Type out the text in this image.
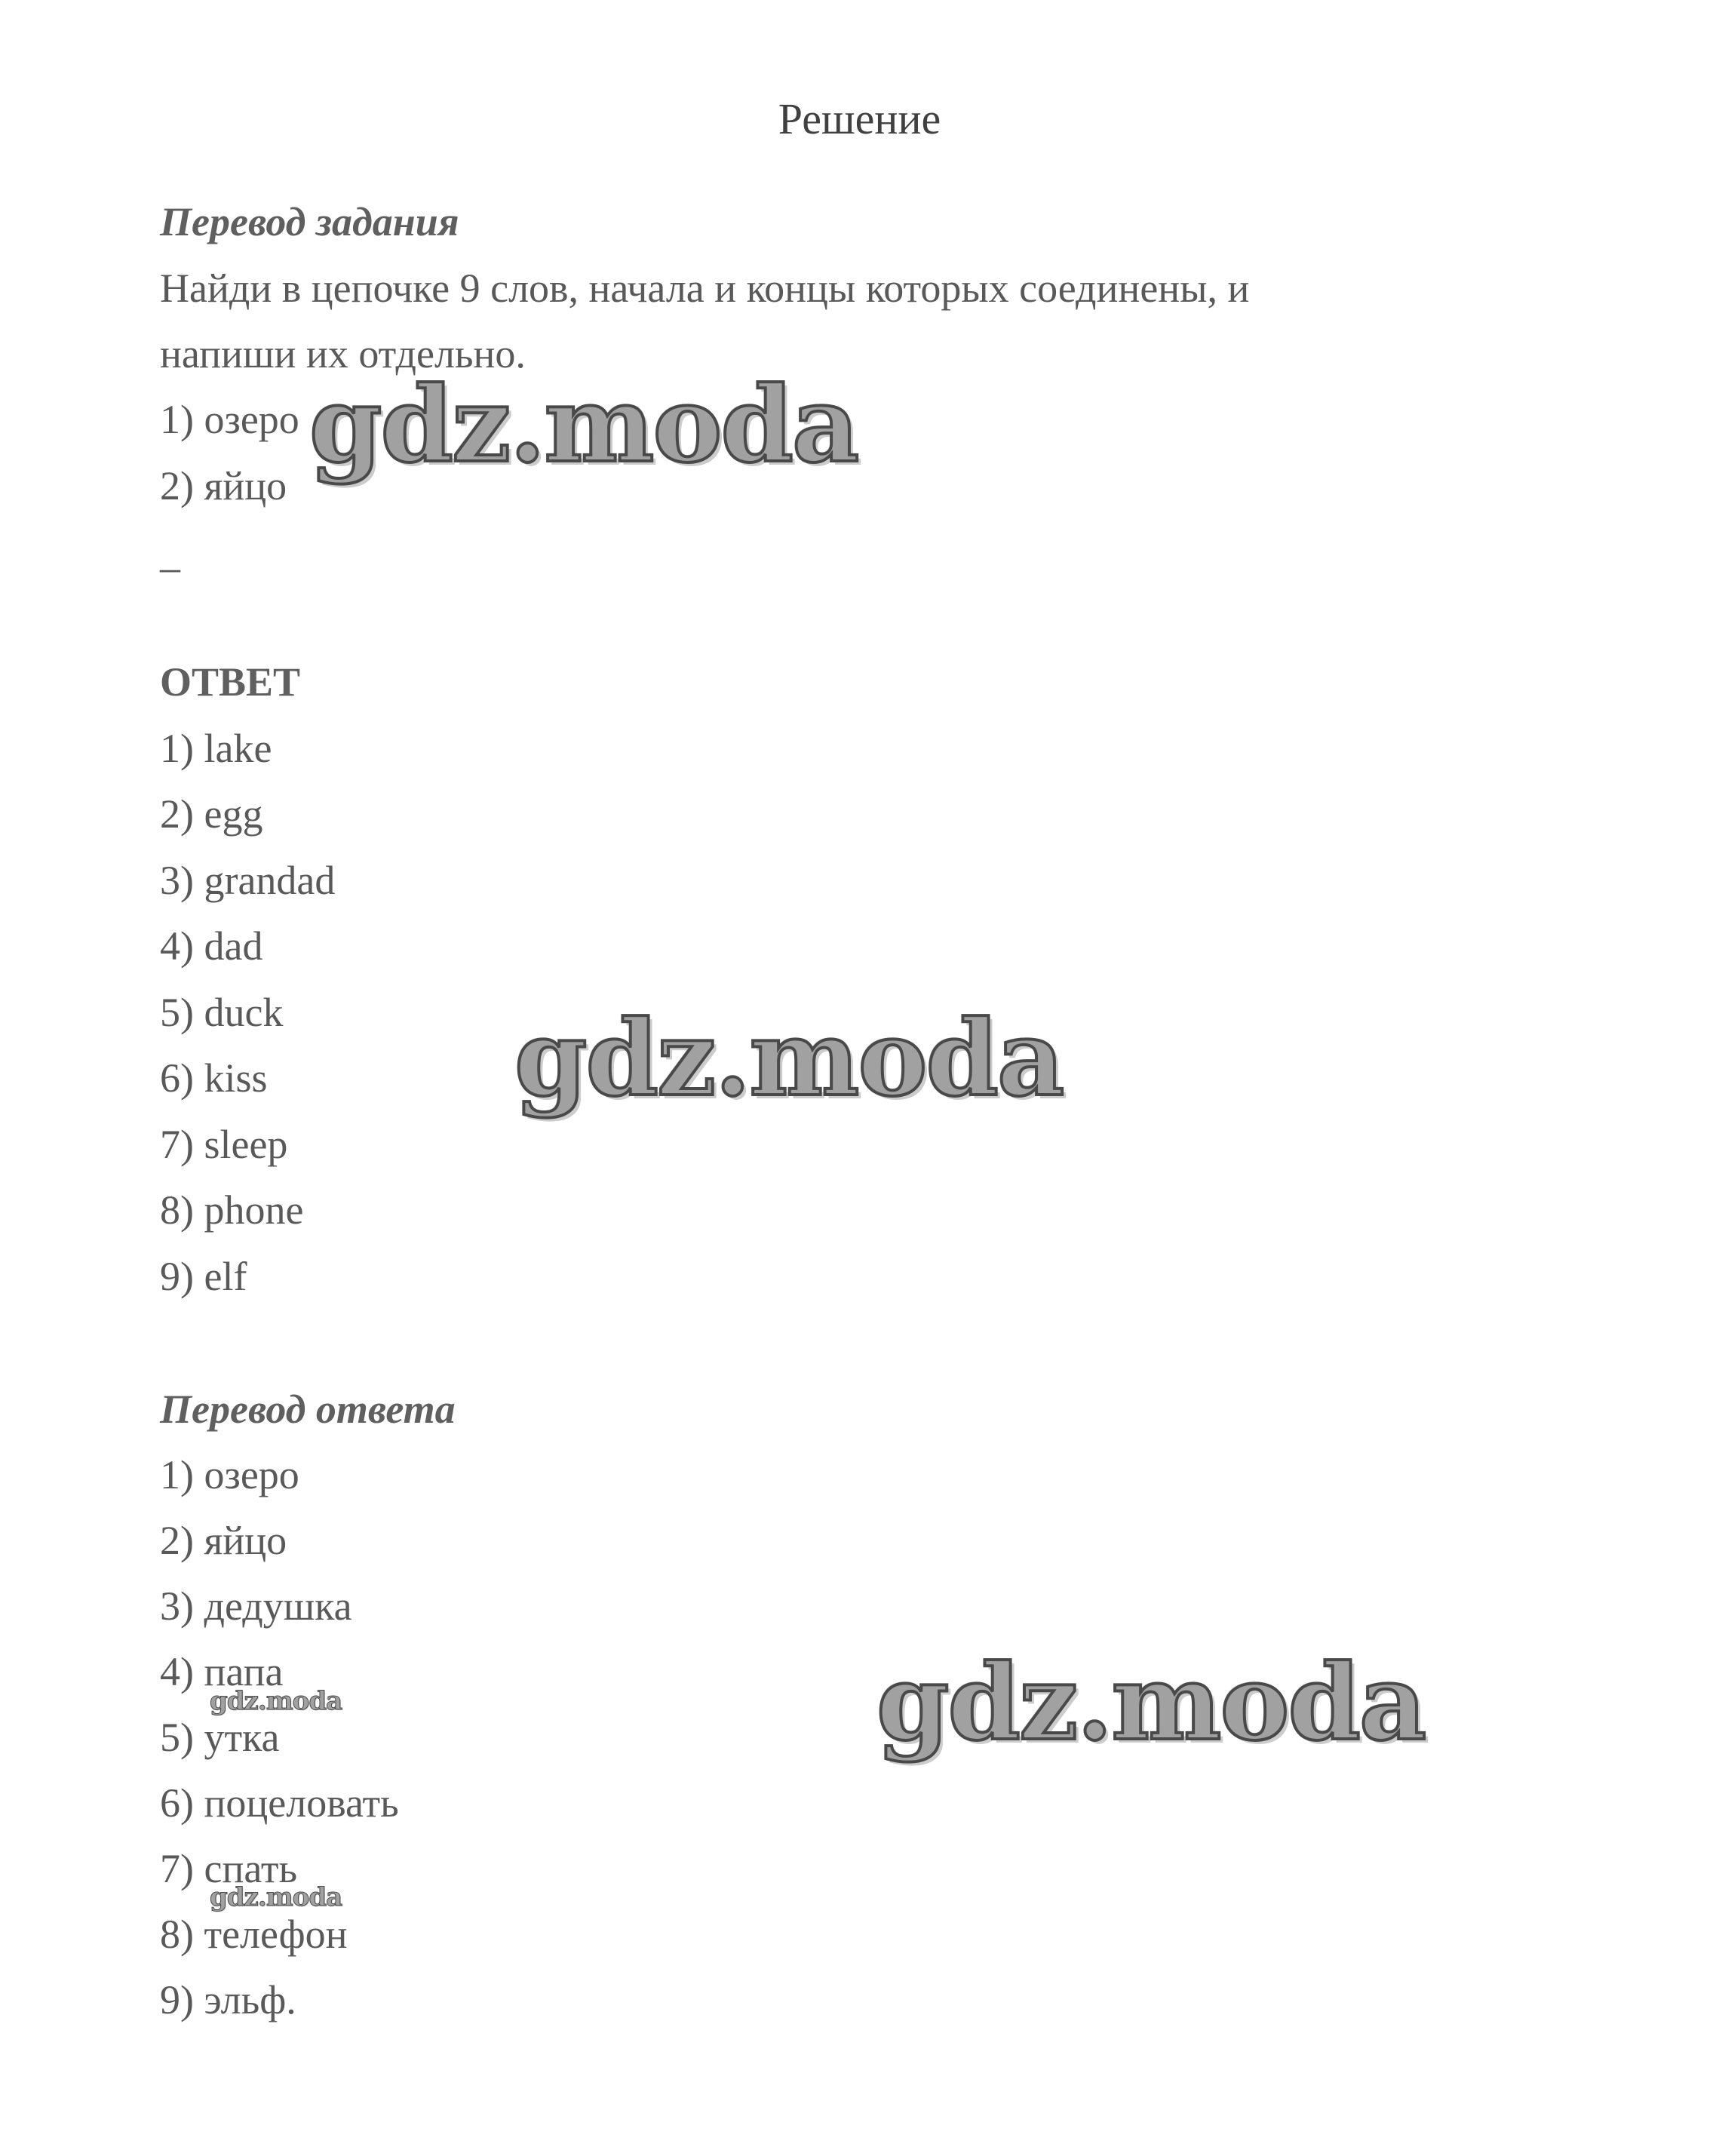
Решение
Перевод задания
Найди в цепочке 9 слов, начала и концы которых соединены, и
напиши их отдельно.
1) озеро
2) яйцо
–
ОТВЕТ
1) lake
2) egg
3) grandad
4) dad
5) duck
6) kiss
7) sleep
8) phone
9) elf
Перевод ответа
1) озеро
2) яйцо
3) дедушка
4) папа
5) утка
6) поцеловать
7) спать
8) телефон
9) эльф.
gdz.moda
gdz.moda
gdz.moda
gdz.moda
gdz.moda
